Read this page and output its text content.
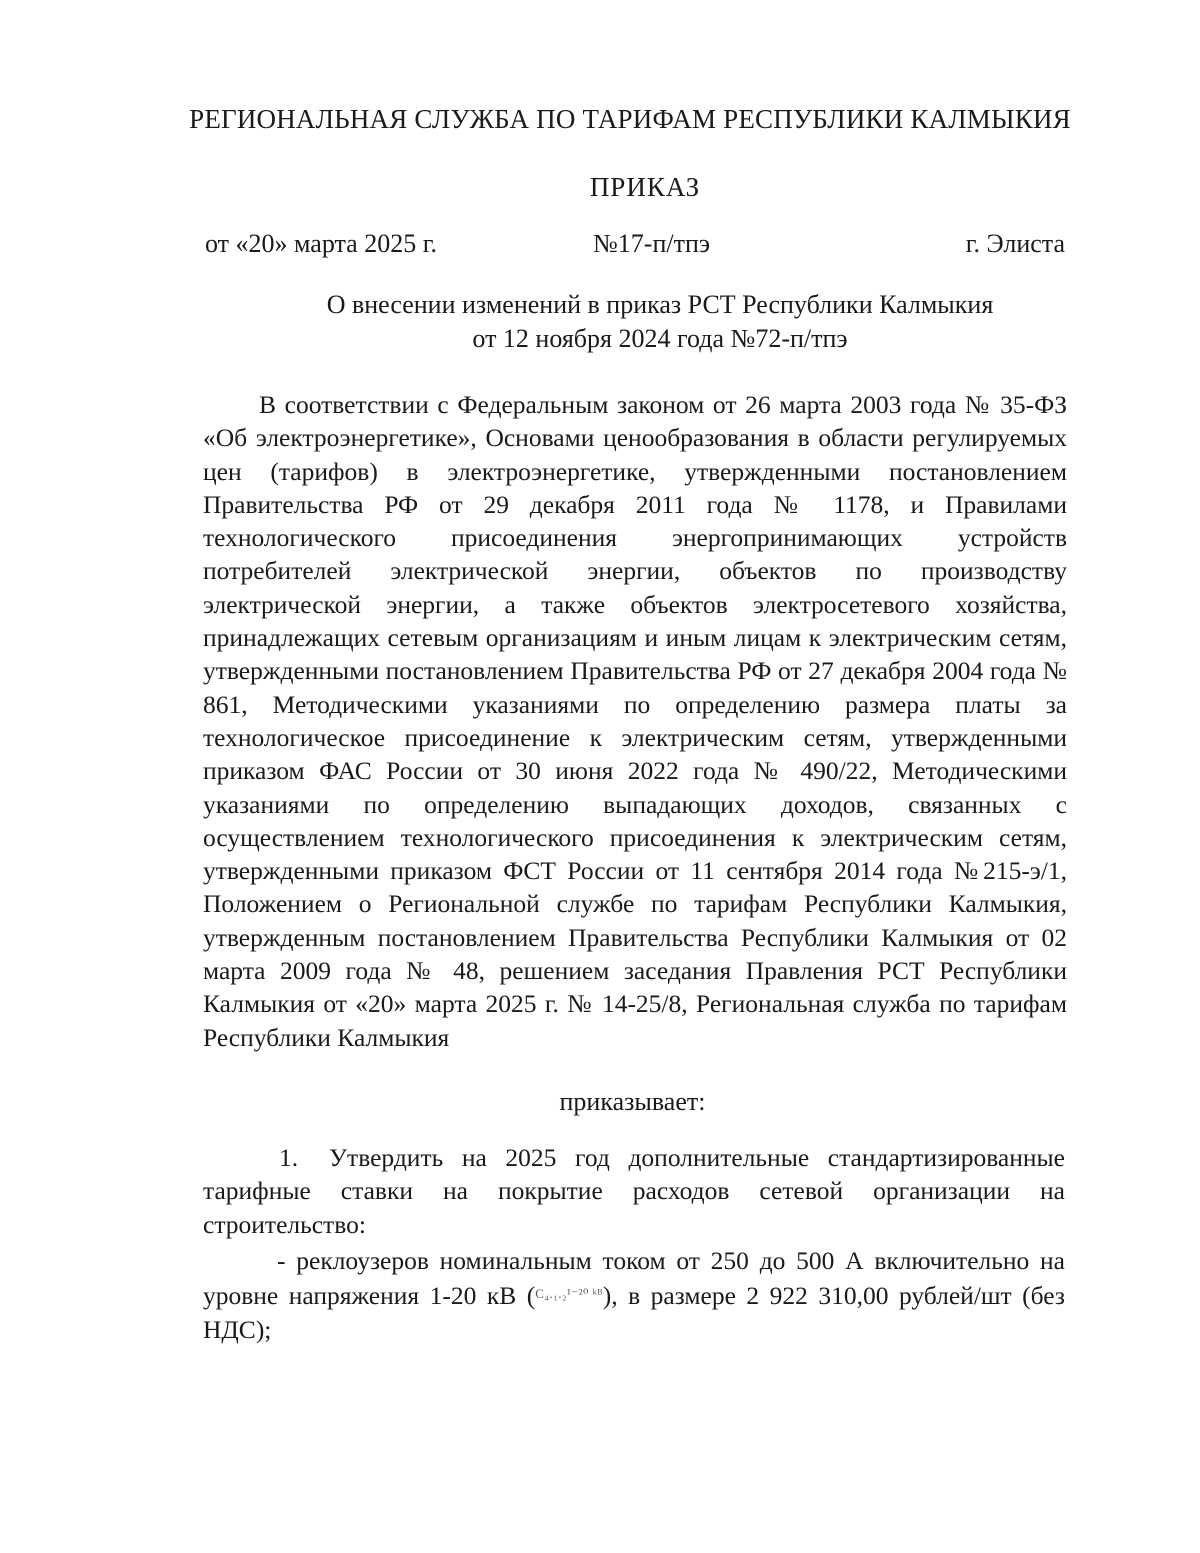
РЕГИОНАЛЬНАЯ СЛУЖБА ПО ТАРИФАМ РЕСПУБЛИКИ КАЛМЫКИЯ
ПРИКАЗ
от «20» марта 2025 г.	№17-п/тпэ	г. Элиста
О внесении изменений в приказ РСТ Республики Калмыкия
от 12 ноября 2024 года №72-п/тпэ

В соответствии с Федеральным законом от 26 марта 2003 года № 35-ФЗ «Об электроэнергетике», Основами ценообразования в области регулируемых цен (тарифов) в электроэнергетике, утвержденными постановлением Правительства РФ от 29 декабря 2011 года № 1178, и Правилами технологического присоединения энергопринимающих устройств потребителей электрической энергии, объектов по производству электрической энергии, а также объектов электросетевого хозяйства, принадлежащих сетевым организациям и иным лицам к электрическим сетям, утвержденными постановлением Правительства РФ от 27 декабря 2004 года № 861, Методическими указаниями по определению размера платы за технологическое присоединение к электрическим сетям, утвержденными приказом ФАС России от 30 июня 2022 года № 490/22, Методическими указаниями по определению выпадающих доходов, связанных с осуществлением технологического присоединения к электрическим сетям, утвержденными приказом ФСТ России от 11 сентября 2014 года №215-э/1, Положением о Региональной службе по тарифам Республики Калмыкия, утвержденным постановлением Правительства Республики Калмыкия от 02 марта 2009 года № 48, решением заседания Правления РСТ Республики Калмыкия от «20» марта 2025 г. № 14-25/8, Региональная служба по тарифам Республики Калмыкия

приказывает:

1. Утвердить на 2025 год дополнительные стандартизированные тарифные ставки на покрытие расходов сетевой организации на строительство:

- реклоузеров номинальным током от 250 до 500 А включительно на уровне напряжения 1-20 кВ (C₄.₁.₂¹⁻²⁰ ᵏᴮ), в размере 2 922 310,00 рублей/шт (без НДС);
